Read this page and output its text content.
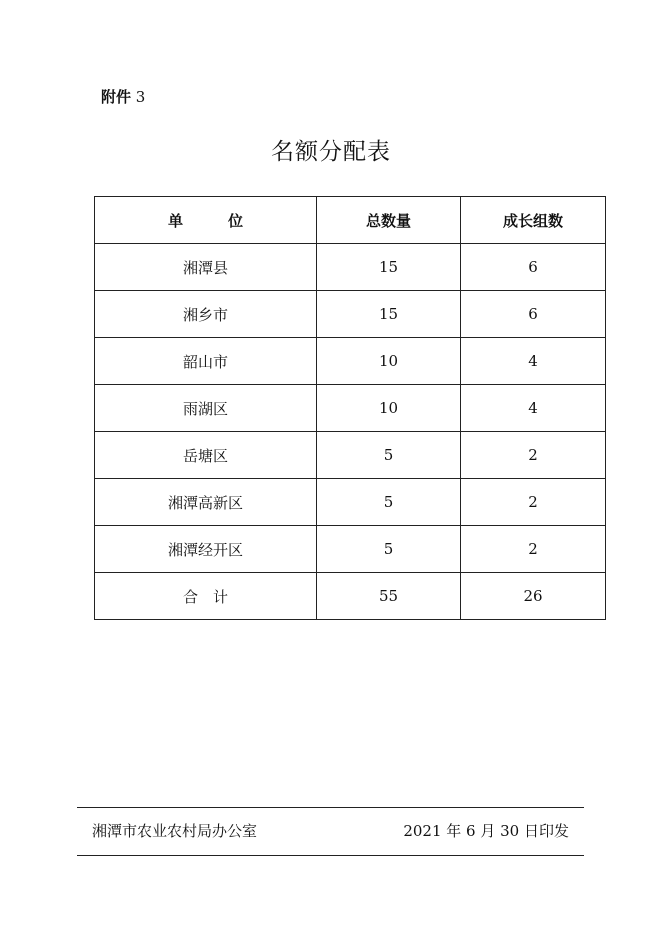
附件 3
名额分配表
单　　　位	总数量	成长组数
湘潭县	15	6
湘乡市	15	6
韶山市	10	4
雨湖区	10	4
岳塘区	5	2
湘潭高新区	5	2
湘潭经开区	5	2
合　计	55	26
湘潭市农业农村局办公室	2021 年 6 月 30 日印发
